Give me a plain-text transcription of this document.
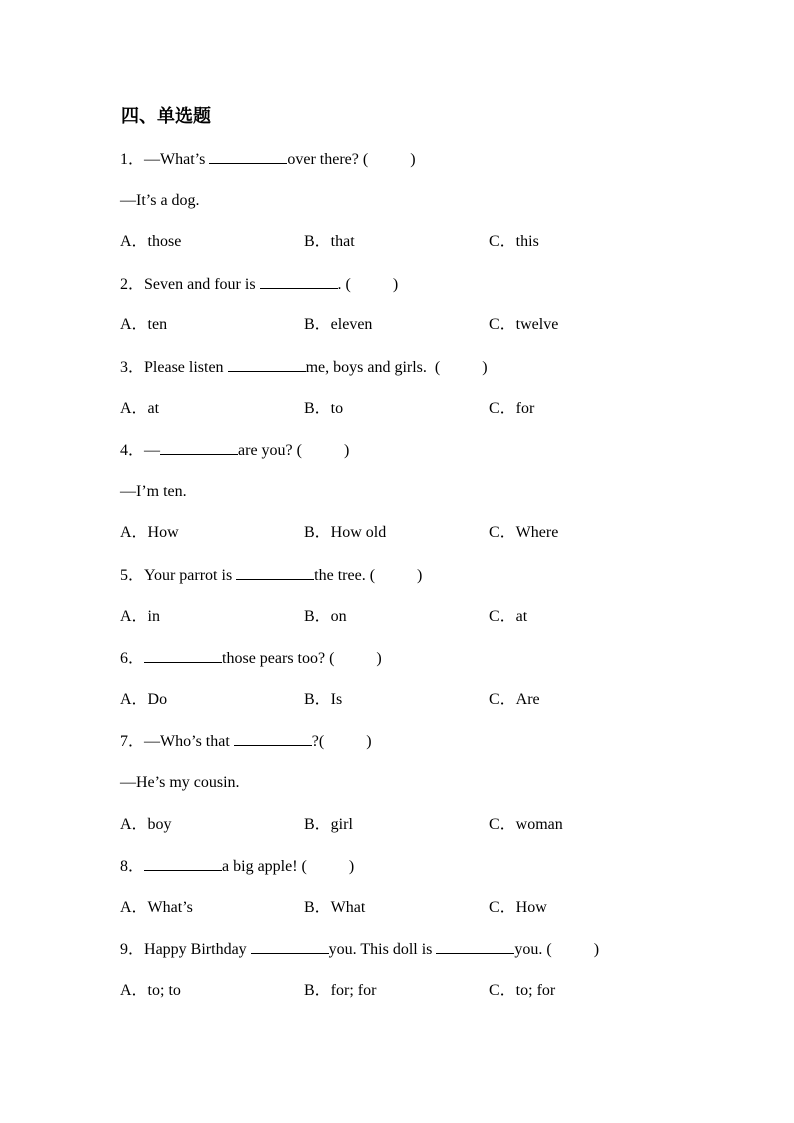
四、单选题
1．—What’s	over there? (	)
—It’s a dog.
A．those	B．that	C．this
2．Seven and four is	. (	)
A．ten	B．eleven	C．twelve
3．Please listen	me, boys and girls.  (	)
A．at	B．to	C．for
4．—	are you? (	)
—I’m ten.
A．How	B．How old	C．Where
5．Your parrot is	the tree. (	)
A．in	B．on	C．at
6．	those pears too? (	)
A．Do	B．Is	C．Are
7．—Who’s that	?(	)
—He’s my cousin.
A．boy	B．girl	C．woman
8．	a big apple! (	)
A．What’s	B．What	C．How
9．Happy Birthday	you. This doll is	you. (	)
A．to; to	B．for; for	C．to; for
